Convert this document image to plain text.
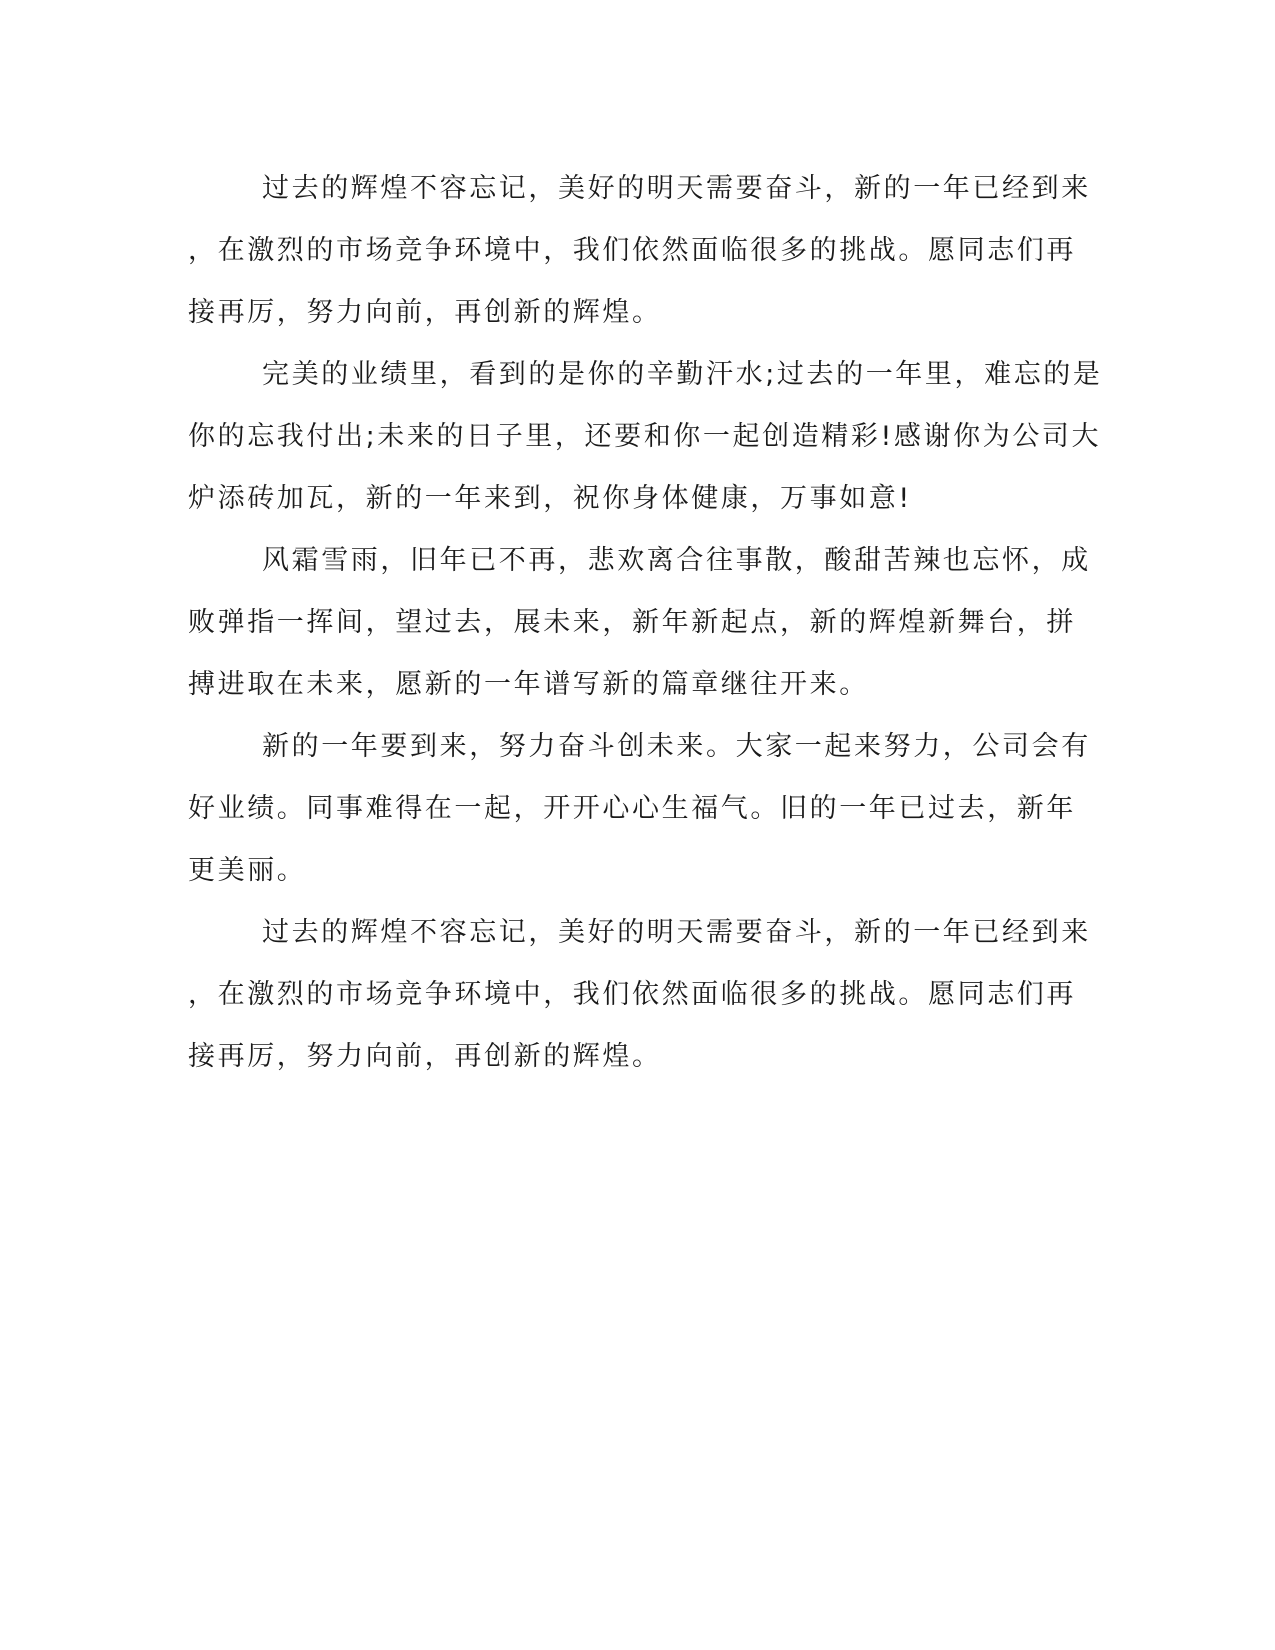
过去的辉煌不容忘记，美好的明天需要奋斗，新的一年已经到来
，在激烈的市场竞争环境中，我们依然面临很多的挑战。愿同志们再
接再厉，努力向前，再创新的辉煌。
完美的业绩里，看到的是你的辛勤汗水;过去的一年里，难忘的是
你的忘我付出;未来的日子里，还要和你一起创造精彩!感谢你为公司大
炉添砖加瓦，新的一年来到，祝你身体健康，万事如意!
风霜雪雨，旧年已不再，悲欢离合往事散，酸甜苦辣也忘怀，成
败弹指一挥间，望过去，展未来，新年新起点，新的辉煌新舞台，拼
搏进取在未来，愿新的一年谱写新的篇章继往开来。
新的一年要到来，努力奋斗创未来。大家一起来努力，公司会有
好业绩。同事难得在一起，开开心心生福气。旧的一年已过去，新年
更美丽。
过去的辉煌不容忘记，美好的明天需要奋斗，新的一年已经到来
，在激烈的市场竞争环境中，我们依然面临很多的挑战。愿同志们再
接再厉，努力向前，再创新的辉煌。
